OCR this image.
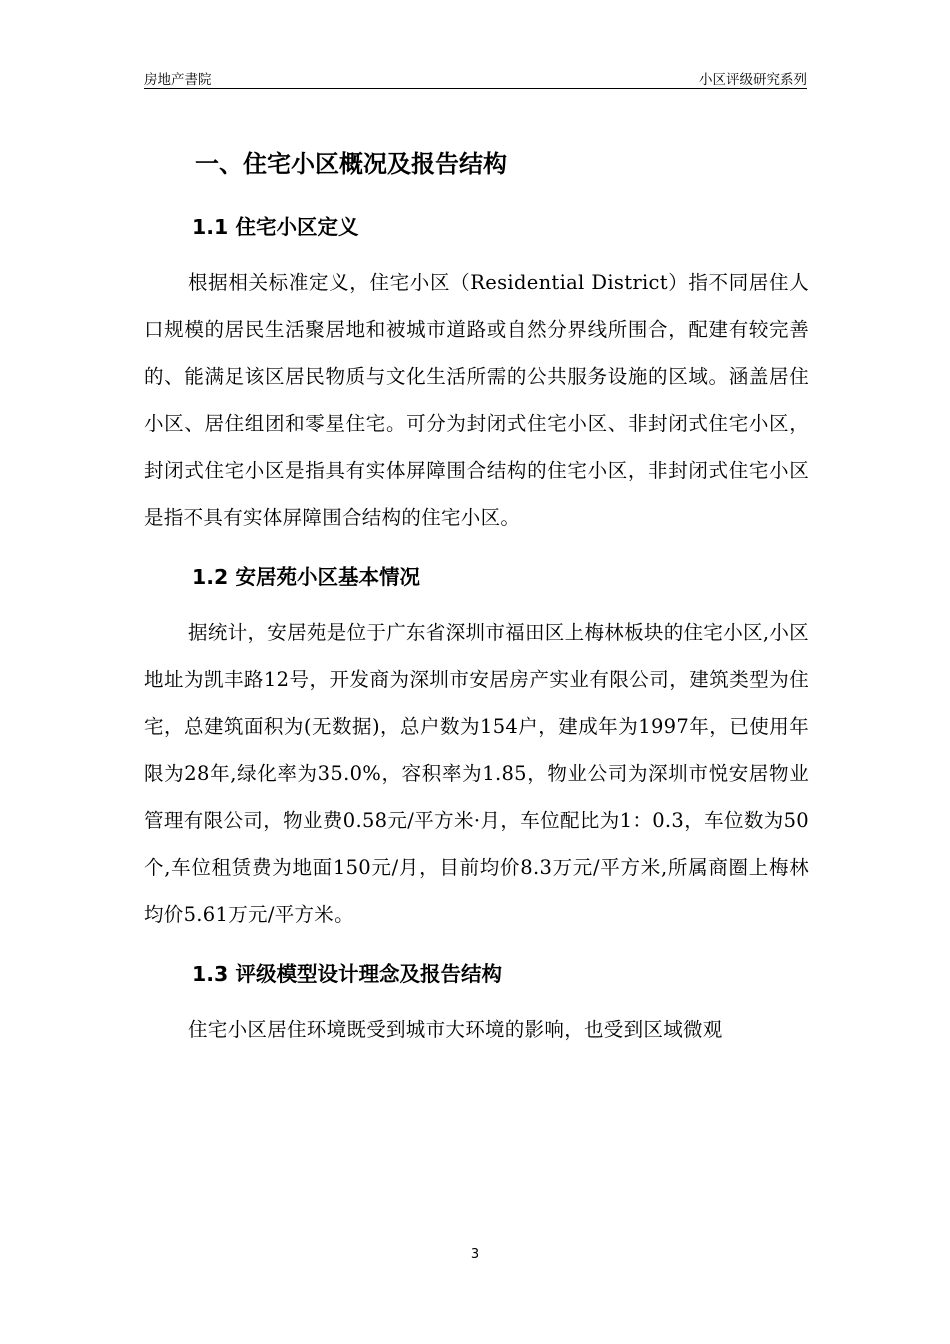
房地产書院	小区评级研究系列
一、住宅小区概况及报告结构
1.1 住宅小区定义

根据相关标准定义，住宅小区（Residential District）指不同居住人口规模的居民生活聚居地和被城市道路或自然分界线所围合，配建有较完善的、能满足该区居民物质与文化生活所需的公共服务设施的区域。涵盖居住小区、居住组团和零星住宅。可分为封闭式住宅小区、非封闭式住宅小区，封闭式住宅小区是指具有实体屏障围合结构的住宅小区，非封闭式住宅小区是指不具有实体屏障围合结构的住宅小区。

1.2 安居苑小区基本情况

据统计，安居苑是位于广东省深圳市福田区上梅林板块的住宅小区,小区地址为凯丰路12号，开发商为深圳市安居房产实业有限公司，建筑类型为住宅，总建筑面积为(无数据)，总户数为154户，建成年为1997年，已使用年限为28年,绿化率为35.0%，容积率为1.85，物业公司为深圳市悦安居物业管理有限公司，物业费0.58元/平方米·月，车位配比为1：0.3，车位数为50个,车位租赁费为地面150元/月，目前均价8.3万元/平方米,所属商圈上梅林均价5.61万元/平方米。

1.3 评级模型设计理念及报告结构

住宅小区居住环境既受到城市大环境的影响，也受到区域微观

3
